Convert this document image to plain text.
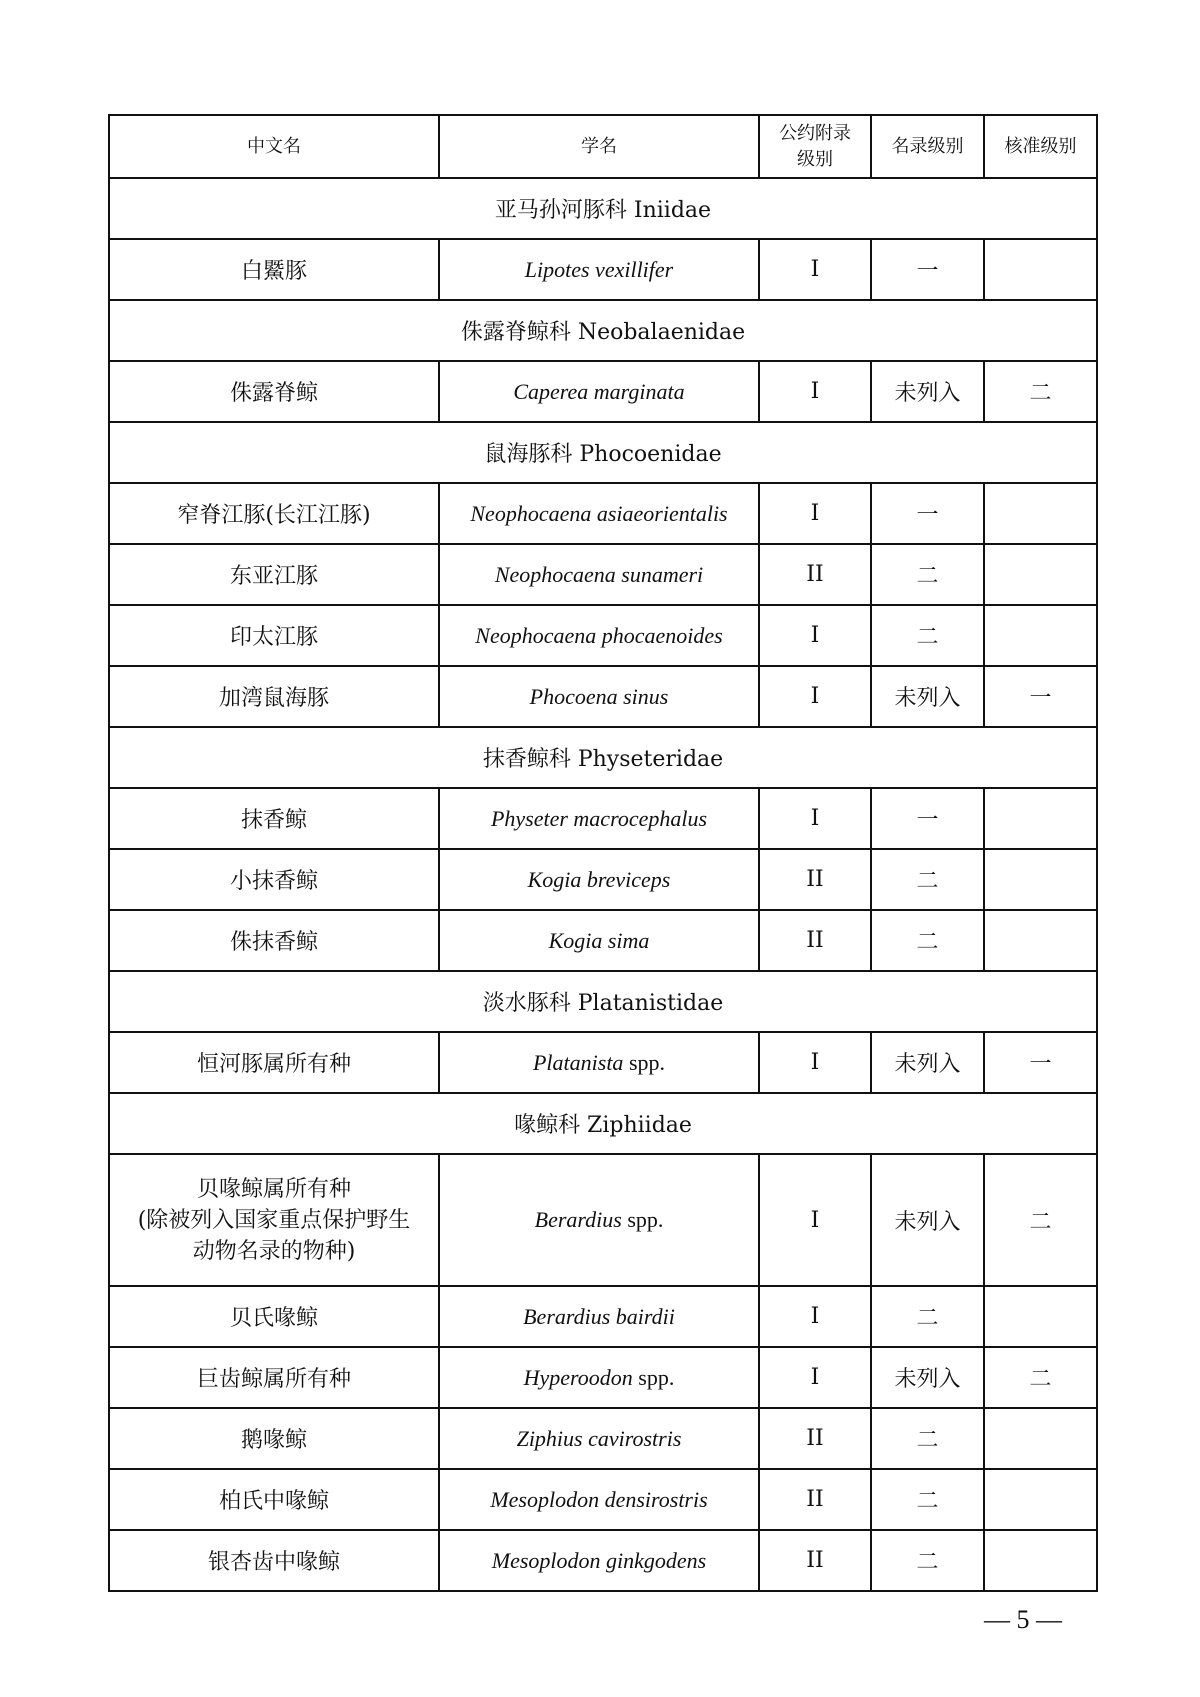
中文名	学名	公约附录级别	名录级别	核准级别
亚马孙河豚科 Iniidae				
白鱀豚	Lipotes vexillifer	I	一	
侏露脊鲸科 Neobalaenidae				
侏露脊鲸	Caperea marginata	I	未列入	二
鼠海豚科 Phocoenidae				
窄脊江豚(长江江豚)	Neophocaena asiaeorientalis	I	一	
东亚江豚	Neophocaena sunameri	II	二	
印太江豚	Neophocaena phocaenoides	I	二	
加湾鼠海豚	Phocoena sinus	I	未列入	一
抹香鲸科 Physeteridae				
抹香鲸	Physeter macrocephalus	I	一	
小抹香鲸	Kogia breviceps	II	二	
侏抹香鲸	Kogia sima	II	二	
淡水豚科 Platanistidae				
恒河豚属所有种	Platanista spp.	I	未列入	一
喙鲸科 Ziphiidae				

贝喙鲸属所有种
(除被列入国家重点保护野生
动物名录的物种)	Berardius spp.	I	未列入	二
贝氏喙鲸	Berardius bairdii	I	二	
巨齿鲸属所有种	Hyperoodon spp.	I	未列入	二
鹅喙鲸	Ziphius cavirostris	II	二	
柏氏中喙鲸	Mesoplodon densirostris	II	二	
银杏齿中喙鲸	Mesoplodon ginkgodens	II	二	
— 5 —
